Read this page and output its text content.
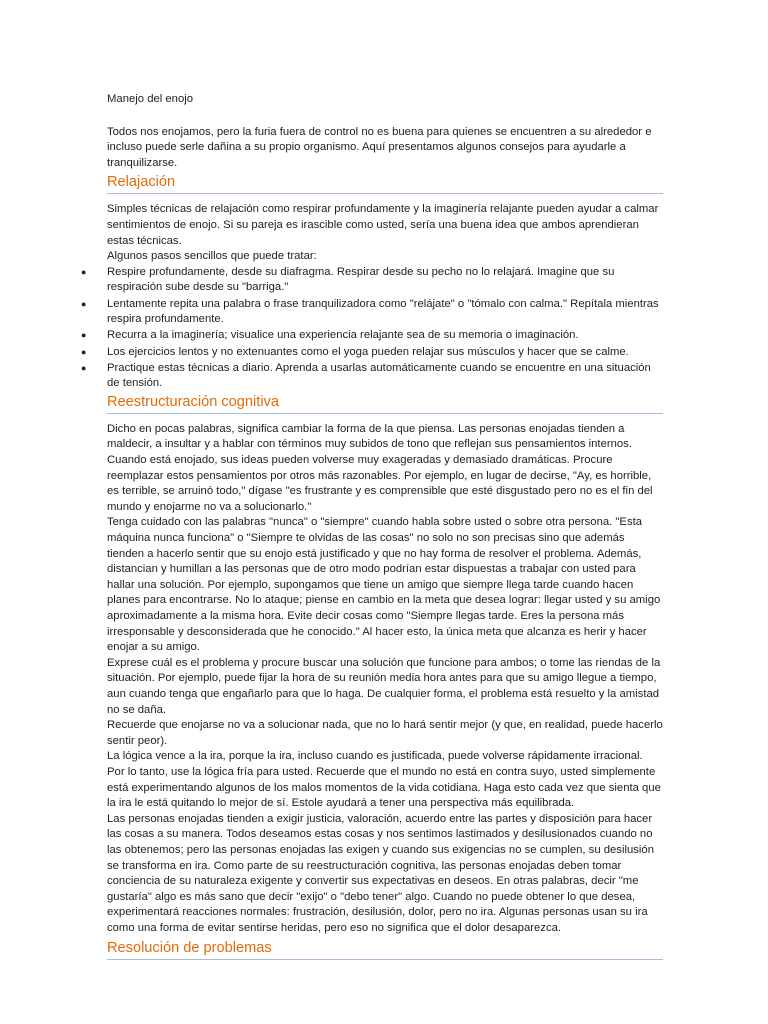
Manejo del enojo

Todos nos enojamos, pero la furia fuera de control no es buena para quienes se encuentren a su alrededor e incluso puede serle dañina a su propio organismo. Aquí presentamos algunos consejos para ayudarle a tranquilizarse.

Relajación

Simples técnicas de relajación como respirar profundamente y la imaginería relajante pueden ayudar a calmar sentimientos de enojo. Si su pareja es irascible como usted, sería una buena idea que ambos aprendieran estas técnicas.

Algunos pasos sencillos que puede tratar:

● Respire profundamente, desde su diafragma. Respirar desde su pecho no lo relajará. Imagine que su respiración sube desde su "barriga."
● Lentamente repita una palabra o frase tranquilizadora como "relájate" o "tómalo con calma." Repítala mientras respira profundamente.
● Recurra a la imaginería; visualice una experiencia relajante sea de su memoria o imaginación.
● Los ejercicios lentos y no extenuantes como el yoga pueden relajar sus músculos y hacer que se calme.
● Practique estas técnicas a diario. Aprenda a usarlas automáticamente cuando se encuentre en una situación de tensión.
Reestructuración cognitiva

Dicho en pocas palabras, significa cambiar la forma de la que piensa. Las personas enojadas tienden a maldecir, a insultar y a hablar con términos muy subidos de tono que reflejan sus pensamientos internos. Cuando está enojado, sus ideas pueden volverse muy exageradas y demasiado dramáticas. Procure reemplazar estos pensamientos por otros más razonables. Por ejemplo, en lugar de decirse, "Ay, es horrible, es terrible, se arruinó todo," dígase "es frustrante y es comprensible que esté disgustado pero no es el fin del mundo y enojarme no va a solucionarlo."

Tenga cuidado con las palabras "nunca" o "siempre" cuando habla sobre usted o sobre otra persona. "Esta máquina nunca funciona" o "Siempre te olvidas de las cosas" no solo no son precisas sino que además tienden a hacerlo sentir que su enojo está justificado y que no hay forma de resolver el problema. Además, distancian y humillan a las personas que de otro modo podrían estar dispuestas a trabajar con usted para hallar una solución. Por ejemplo, supongamos que tiene un amigo que siempre llega tarde cuando hacen planes para encontrarse. No lo ataque; piense en cambio en la meta que desea lograr: llegar usted y su amigo aproximadamente a la misma hora. Evite decir cosas como "Siempre llegas tarde. Eres la persona más irresponsable y desconsiderada que he conocido." Al hacer esto, la única meta que alcanza es herir y hacer enojar a su amigo.

Exprese cuál es el problema y procure buscar una solución que funcione para ambos; o tome las riendas de la situación. Por ejemplo, puede fijar la hora de su reunión media hora antes para que su amigo llegue a tiempo, aun cuando tenga que engañarlo para que lo haga. De cualquier forma, el problema está resuelto y la amistad no se daña.

Recuerde que enojarse no va a solucionar nada, que no lo hará sentir mejor (y que, en realidad, puede hacerlo sentir peor).

La lógica vence a la ira, porque la ira, incluso cuando es justificada, puede volverse rápidamente irracional. Por lo tanto, use la lógica fría para usted. Recuerde que el mundo no está en contra suyo, usted simplemente está experimentando algunos de los malos momentos de la vida cotidiana. Haga esto cada vez que sienta que la ira le está quitando lo mejor de sí. Estole ayudará a tener una perspectiva más equilibrada.

Las personas enojadas tienden a exigir justicia, valoración, acuerdo entre las partes y disposición para hacer las cosas a su manera. Todos deseamos estas cosas y nos sentimos lastimados y desilusionados cuando no las obtenemos; pero las personas enojadas las exigen y cuando sus exigencias no se cumplen, su desilusión se transforma en ira. Como parte de su reestructuración cognitiva, las personas enojadas deben tomar conciencia de su naturaleza exigente y convertir sus expectativas en deseos. En otras palabras, decir "me gustaría" algo es más sano que decir "exijo" o "debo tener" algo. Cuando no puede obtener lo que desea, experimentará reacciones normales: frustración, desilusión, dolor, pero no ira. Algunas personas usan su ira como una forma de evitar sentirse heridas, pero eso no significa que el dolor desaparezca.

Resolución de problemas
